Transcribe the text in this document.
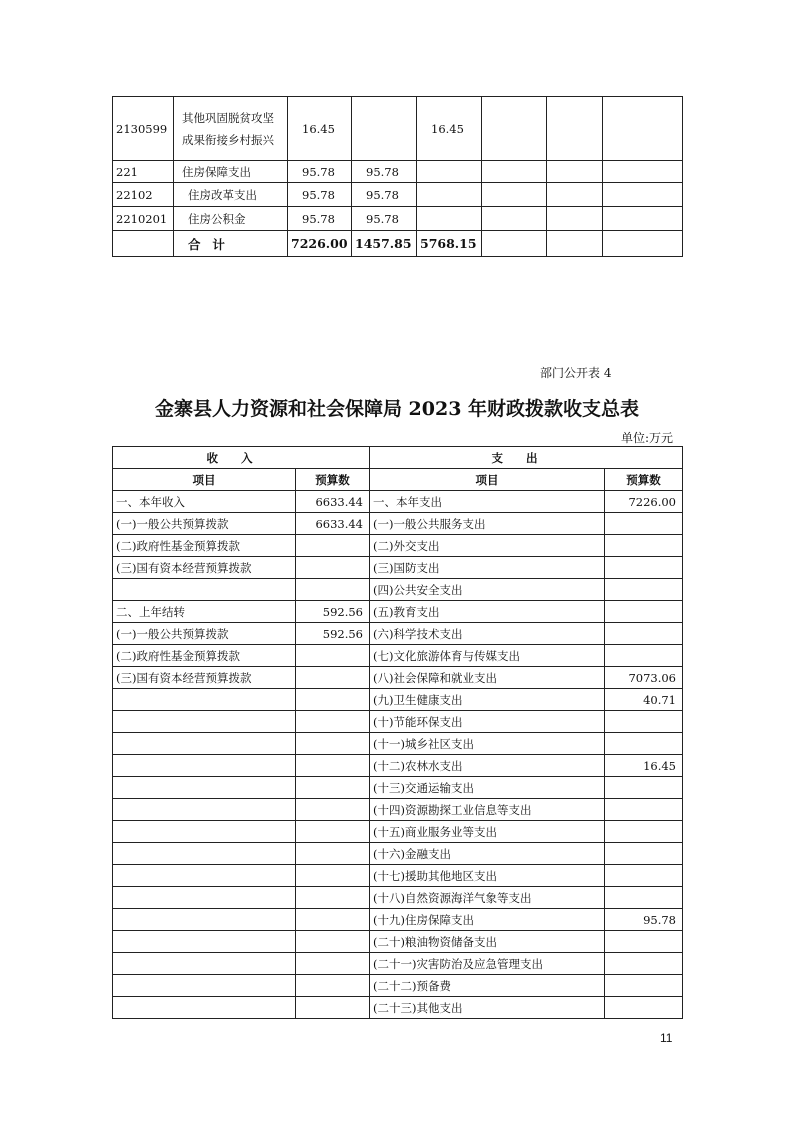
2130599	其他巩固脱贫攻坚成果衔接乡村振兴	16.45		16.45			
221	住房保障支出	95.78	95.78				
22102	住房改革支出	95.78	95.78				
2210201	住房公积金	95.78	95.78				
	合 计	7226.00	1457.85	5768.15			
部门公开表 4
金寨县人力资源和社会保障局 2023 年财政拨款收支总表
单位:万元
收入		支出	
项目	预算数	项目	预算数
一、本年收入	6633.44	一、本年支出	7226.00
(一)一般公共预算拨款	6633.44	(一)一般公共服务支出	
(二)政府性基金预算拨款		(二)外交支出	
(三)国有资本经营预算拨款		(三)国防支出	
		(四)公共安全支出	
二、上年结转	592.56	(五)教育支出	
(一)一般公共预算拨款	592.56	(六)科学技术支出	
(二)政府性基金预算拨款		(七)文化旅游体育与传媒支出	
(三)国有资本经营预算拨款		(八)社会保障和就业支出	7073.06
		(九)卫生健康支出	40.71
		(十)节能环保支出	
		(十一)城乡社区支出	
		(十二)农林水支出	16.45
		(十三)交通运输支出	
		(十四)资源勘探工业信息等支出	
		(十五)商业服务业等支出	
		(十六)金融支出	
		(十七)援助其他地区支出	
		(十八)自然资源海洋气象等支出	
		(十九)住房保障支出	95.78
		(二十)粮油物资储备支出	
		(二十一)灾害防治及应急管理支出	
		(二十二)预备费	
		(二十三)其他支出	
11
